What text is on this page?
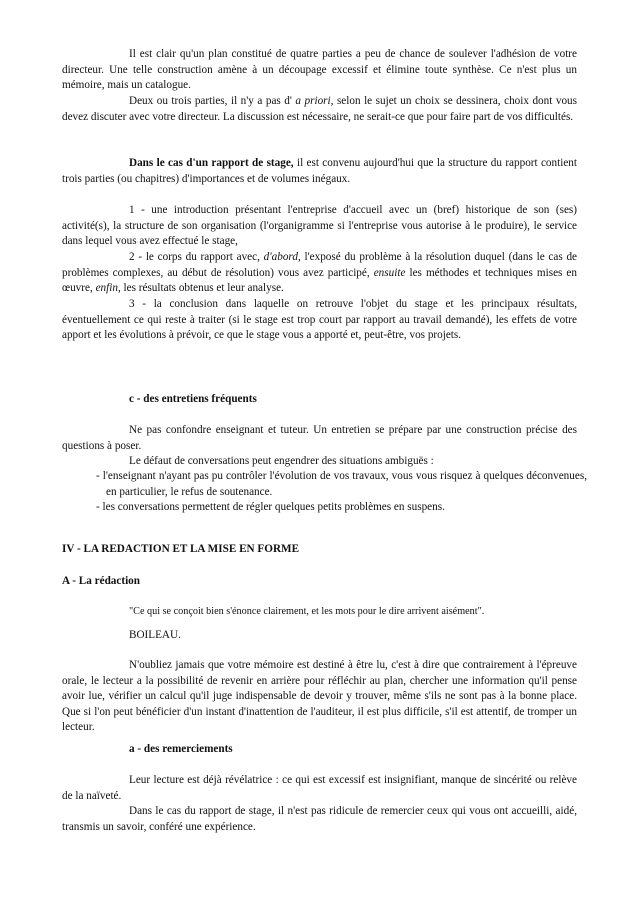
Il est clair qu'un plan constitué de quatre parties a peu de chance de soulever l'adhésion de votre directeur. Une telle construction amène à un découpage excessif et élimine toute synthèse. Ce n'est plus un mémoire, mais un catalogue.

Deux ou trois parties, il n'y a pas d' a priori, selon le sujet un choix se dessinera, choix dont vous devez discuter avec votre directeur. La discussion est nécessaire, ne serait-ce que pour faire part de vos difficultés.

Dans le cas d'un rapport de stage, il est convenu aujourd'hui que la structure du rapport contient trois parties (ou chapitres) d'importances et de volumes inégaux.

1 - une introduction présentant l'entreprise d'accueil avec un (bref) historique de son (ses) activité(s), la structure de son organisation (l'organigramme si l'entreprise vous autorise à le produire), le service dans lequel vous avez effectué le stage,

2 - le corps du rapport avec, d'abord, l'exposé du problème à la résolution duquel (dans le cas de problèmes complexes, au début de résolution) vous avez participé, ensuite les méthodes et techniques mises en œuvre, enfin, les résultats obtenus et leur analyse.

3 - la conclusion dans laquelle on retrouve l'objet du stage et les principaux résultats, éventuellement ce qui reste à traiter (si le stage est trop court par rapport au travail demandé), les effets de votre apport et les évolutions à prévoir, ce que le stage vous a apporté et, peut-être, vos projets.

c - des entretiens fréquents

Ne pas confondre enseignant et tuteur. Un entretien se prépare par une construction précise des questions à poser.

Le défaut de conversations peut engendrer des situations ambiguës :

- l'enseignant n'ayant pas pu contrôler l'évolution de vos travaux, vous vous risquez à quelques déconvenues, en particulier, le refus de soutenance.

- les conversations permettent de régler quelques petits problèmes en suspens.

IV - LA REDACTION ET LA MISE EN FORME

A - La rédaction

"Ce qui se conçoit bien s'énonce clairement, et les mots pour le dire arrivent aisément".

BOILEAU.

N'oubliez jamais que votre mémoire est destiné à être lu, c'est à dire que contrairement à l'épreuve orale, le lecteur a la possibilité de revenir en arrière pour réfléchir au plan, chercher une information qu'il pense avoir lue, vérifier un calcul qu'il juge indispensable de devoir y trouver, même s'ils ne sont pas à la bonne place. Que si l'on peut bénéficier d'un instant d'inattention de l'auditeur, il est plus difficile, s'il est attentif, de tromper un lecteur.

a - des remerciements

Leur lecture est déjà révélatrice : ce qui est excessif est insignifiant, manque de sincérité ou relève de la naïveté.

Dans le cas du rapport de stage, il n'est pas ridicule de remercier ceux qui vous ont accueilli, aidé, transmis un savoir, conféré une expérience.
